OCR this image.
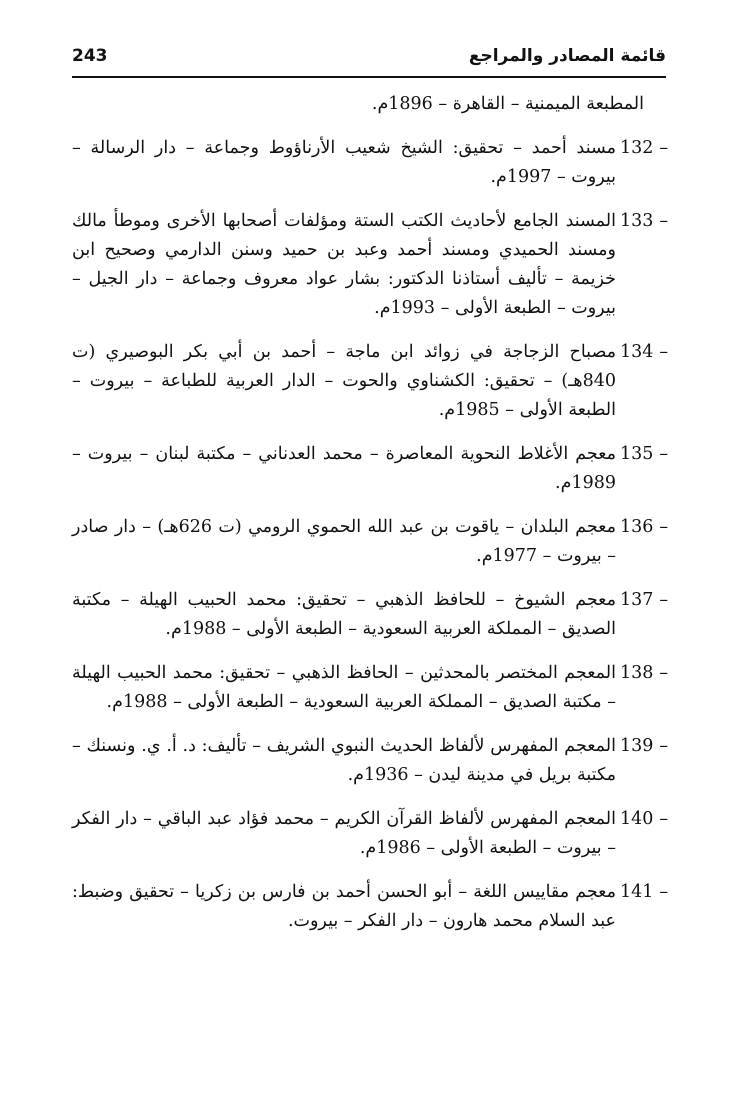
قائمة المصادر والمراجع
243

المطبعة الميمنية – القاهرة – 1896م.

132 –
مسند أحمد – تحقيق: الشيخ شعيب الأرناؤوط وجماعة – دار الرسالة – بيروت – 1997م.

133 –
المسند الجامع لأحاديث الكتب الستة ومؤلفات أصحابها الأخرى وموطأ مالك ومسند الحميدي ومسند أحمد وعبد بن حميد وسنن الدارمي وصحيح ابن خزيمة – تأليف أستاذنا الدكتور: بشار عواد معروف وجماعة – دار الجيل – بيروت – الطبعة الأولى – 1993م.

134 –
مصباح الزجاجة في زوائد ابن ماجة – أحمد بن أبي بكر البوصيري (ت 840هـ) – تحقيق: الكشناوي والحوت – الدار العربية للطباعة – بيروت – الطبعة الأولى – 1985م.

135 –
معجم الأغلاط النحوية المعاصرة – محمد العدناني – مكتبة لبنان – بيروت – 1989م.

136 –
معجم البلدان – ياقوت بن عبد الله الحموي الرومي (ت 626هـ) – دار صادر – بيروت – 1977م.

137 –
معجم الشيوخ – للحافظ الذهبي – تحقيق: محمد الحبيب الهيلة – مكتبة الصديق – المملكة العربية السعودية – الطبعة الأولى – 1988م.

138 –
المعجم المختصر بالمحدثين – الحافظ الذهبي – تحقيق: محمد الحبيب الهيلة – مكتبة الصديق – المملكة العربية السعودية – الطبعة الأولى – 1988م.

139 –
المعجم المفهرس لألفاظ الحديث النبوي الشريف – تأليف: د. أ. ي. ونسنك – مكتبة بريل في مدينة ليدن – 1936م.

140 –
المعجم المفهرس لألفاظ القرآن الكريم – محمد فؤاد عبد الباقي – دار الفكر – بيروت – الطبعة الأولى – 1986م.

141 –
معجم مقاييس اللغة – أبو الحسن أحمد بن فارس بن زكريا – تحقيق وضبط: عبد السلام محمد هارون – دار الفكر – بيروت.
